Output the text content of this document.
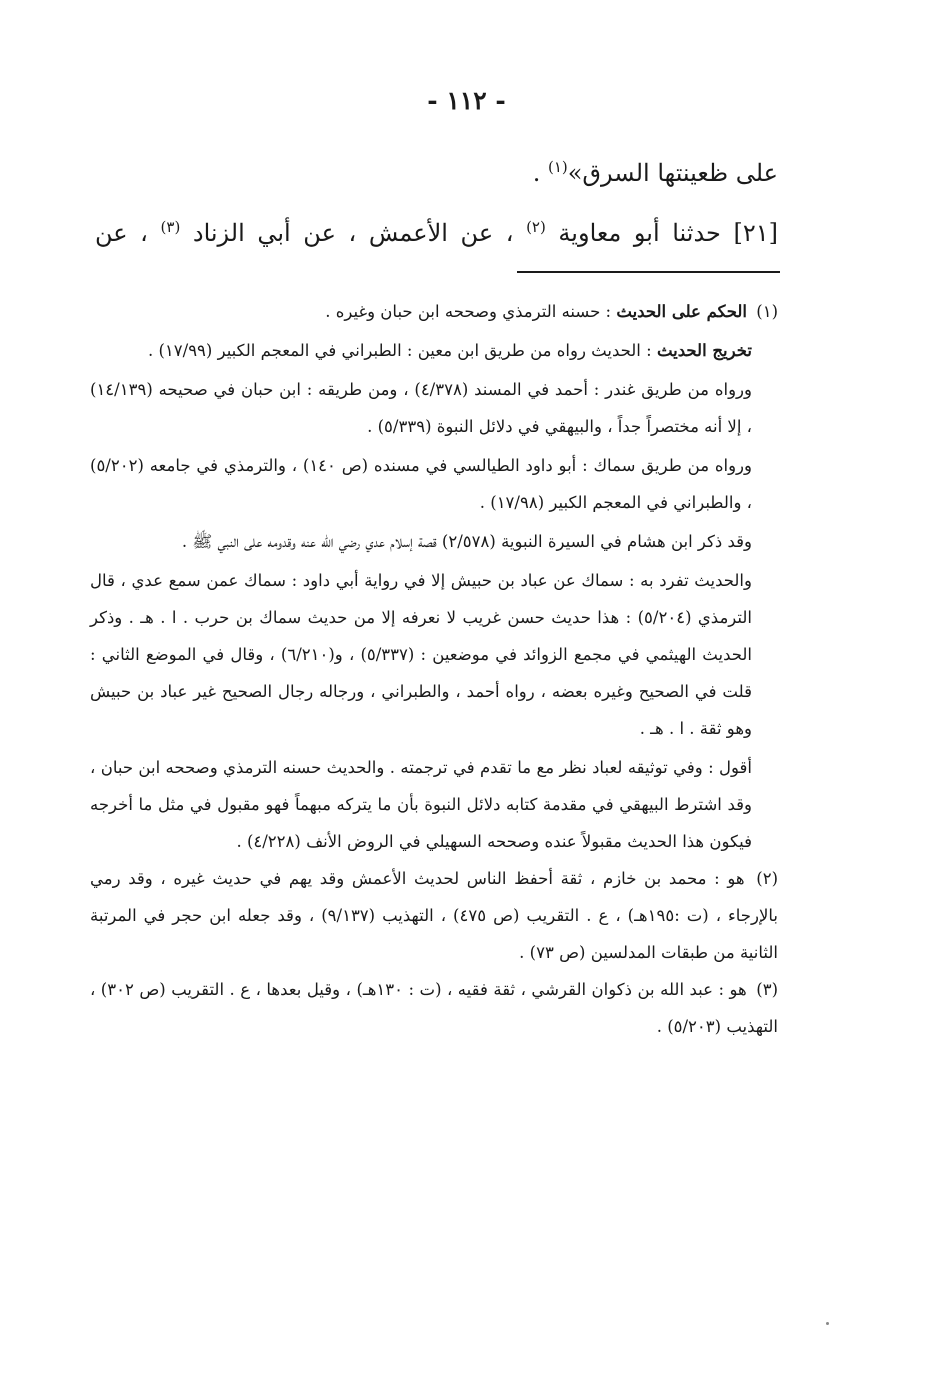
- ١١٢ -
على ظعينتها السرق»$^{(١)}$ .
[٢١] حدثنا أبو معاوية $^{(٢)}$ ، عن الأعمش ، عن أبي الزناد $^{(٣)}$ ، عن

(١) الحكم على الحديث : حسنه الترمذي وصححه ابن حبان وغيره .

تخريج الحديث : الحديث رواه من طريق ابن معين : الطبراني في المعجم الكبير (١٧/٩٩) .

ورواه من طريق غندر : أحمد في المسند (٤/٣٧٨) ، ومن طريقه : ابن حبان في صحيحه (١٤/١٣٩) ، إلا أنه مختصراً جداً ، والبيهقي في دلائل النبوة (٥/٣٣٩) .

ورواه من طريق سماك : أبو داود الطيالسي في مسنده (ص ١٤٠) ، والترمذي في جامعه (٥/٢٠٢) ، والطبراني في المعجم الكبير (١٧/٩٨) .

وقد ذكر ابن هشام في السيرة النبوية (٢/٥٧٨) قصة إسلام عدي رضي الله عنه وقدومه على النبي ﷺ .

والحديث تفرد به : سماك عن عباد بن حبيش إلا في رواية أبي داود : سماك عمن سمع عدي ، قال الترمذي (٥/٢٠٤) : هذا حديث حسن غريب لا نعرفه إلا من حديث سماك بن حرب . ا . هـ . وذكر الحديث الهيثمي في مجمع الزوائد في موضعين : (٥/٣٣٧) ، و(٦/٢١٠) ، وقال في الموضع الثاني : قلت في الصحيح وغيره بعضه ، رواه أحمد ، والطبراني ، ورجاله رجال الصحيح غير عباد بن حبيش وهو ثقة . ا . هـ .

أقول : وفي توثيقه لعباد نظر مع ما تقدم في ترجمته . والحديث حسنه الترمذي وصححه ابن حبان ، وقد اشترط البيهقي في مقدمة كتابه دلائل النبوة بأن ما يتركه مبهماً فهو مقبول في مثل ما أخرجه فيكون هذا الحديث مقبولاً عنده وصححه السهيلي في الروض الأنف (٤/٢٢٨) .

(٢) هو : محمد بن خازم ، ثقة أحفظ الناس لحديث الأعمش وقد يهم في حديث غيره ، وقد رمي بالإرجاء ، (ت :١٩٥هـ) ، ع . التقريب (ص ٤٧٥) ، التهذيب (٩/١٣٧) ، وقد جعله ابن حجر في المرتبة الثانية من طبقات المدلسين (ص ٧٣) .

(٣) هو : عبد الله بن ذكوان القرشي ، ثقة فقيه ، (ت : ١٣٠هـ) ، وقيل بعدها ، ع . التقريب (ص ٣٠٢) ، التهذيب (٥/٢٠٣) .
